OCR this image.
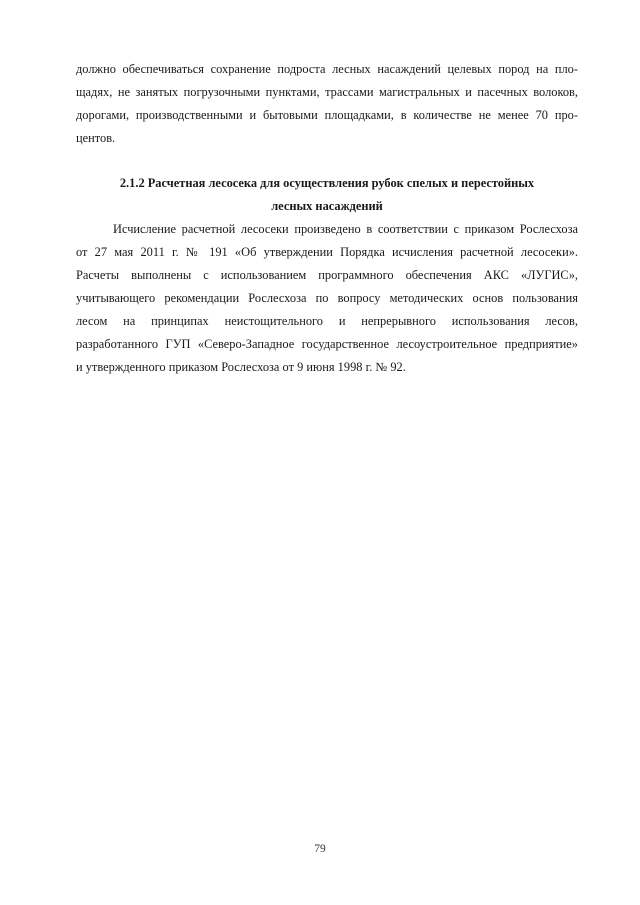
должно обеспечиваться сохранение подроста лесных насаждений целевых пород на пло-
щадях, не занятых погрузочными пунктами, трассами магистральных и пасечных волоков,
дорогами, производственными и бытовыми площадками, в количестве не менее 70 про-
центов.
2.1.2 Расчетная лесосека для осуществления рубок спелых и перестойных
лесных насаждений
Исчисление расчетной лесосеки произведено в соответствии с приказом Рослесхоза
от 27 мая 2011 г. № 191 «Об утверждении Порядка исчисления расчетной лесосеки».
Расчеты выполнены с использованием программного обеспечения АКС «ЛУГИС»,
учитывающего рекомендации Рослесхоза по вопросу методических основ пользования
лесом на принципах неистощительного и непрерывного использования лесов,
разработанного ГУП «Северо-Западное государственное лесоустроительное предприятие»
и утвержденного приказом Рослесхоза от 9 июня 1998 г. № 92.
79
